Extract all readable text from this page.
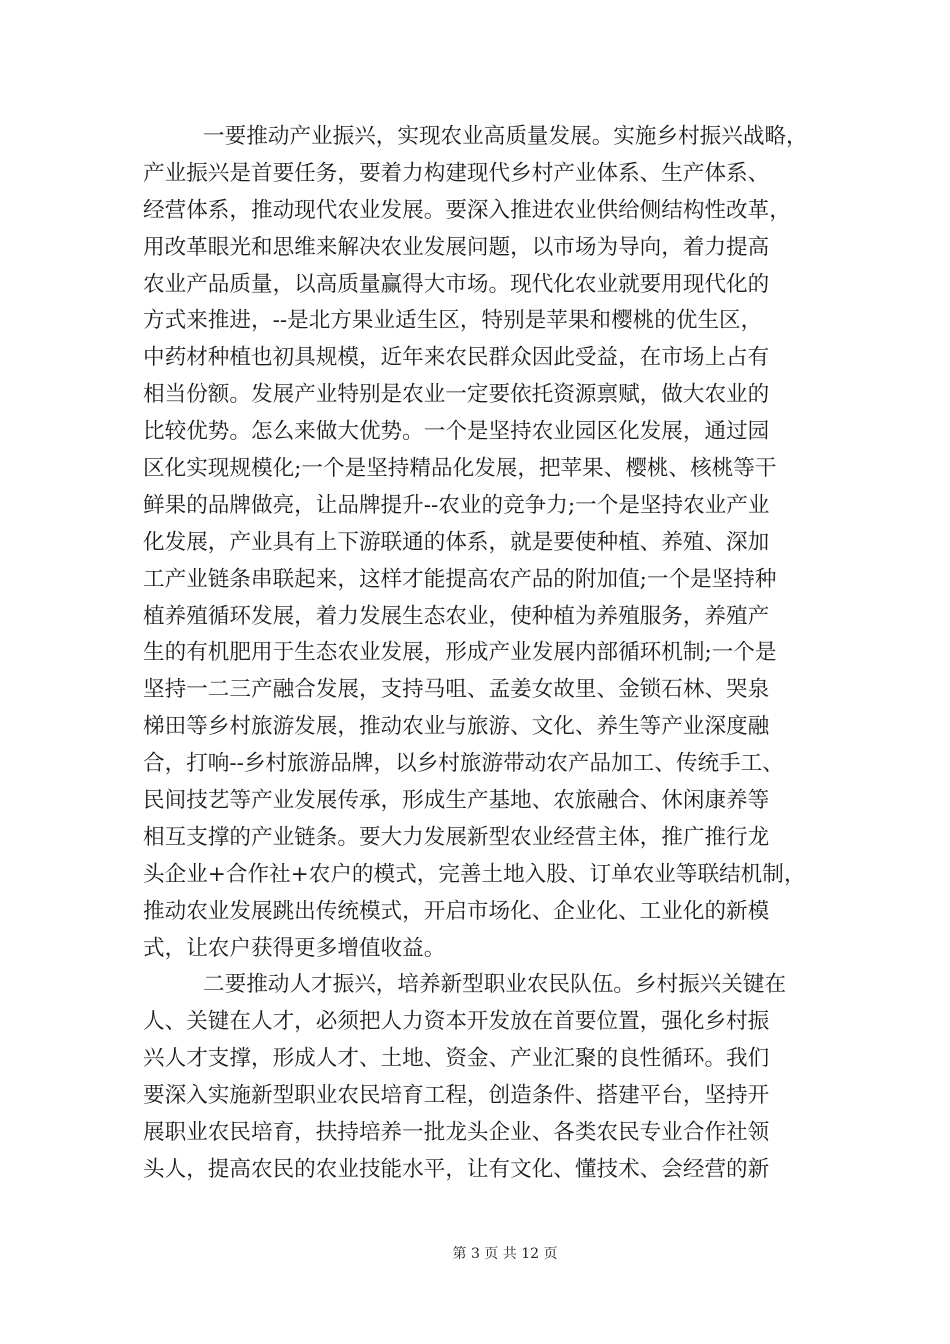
一要推动产业振兴，实现农业高质量发展。实施乡村振兴战略，
产业振兴是首要任务，要着力构建现代乡村产业体系、生产体系、
经营体系，推动现代农业发展。要深入推进农业供给侧结构性改革，
用改革眼光和思维来解决农业发展问题，以市场为导向，着力提高
农业产品质量，以高质量赢得大市场。现代化农业就要用现代化的
方式来推进，--是北方果业适生区，特别是苹果和樱桃的优生区，
中药材种植也初具规模，近年来农民群众因此受益，在市场上占有
相当份额。发展产业特别是农业一定要依托资源禀赋，做大农业的
比较优势。怎么来做大优势。一个是坚持农业园区化发展，通过园
区化实现规模化;一个是坚持精品化发展，把苹果、樱桃、核桃等干
鲜果的品牌做亮，让品牌提升--农业的竞争力;一个是坚持农业产业
化发展，产业具有上下游联通的体系，就是要使种植、养殖、深加
工产业链条串联起来，这样才能提高农产品的附加值;一个是坚持种
植养殖循环发展，着力发展生态农业，使种植为养殖服务，养殖产
生的有机肥用于生态农业发展，形成产业发展内部循环机制;一个是
坚持一二三产融合发展，支持马咀、孟姜女故里、金锁石林、哭泉
梯田等乡村旅游发展，推动农业与旅游、文化、养生等产业深度融
合，打响--乡村旅游品牌，以乡村旅游带动农产品加工、传统手工、
民间技艺等产业发展传承，形成生产基地、农旅融合、休闲康养等
相互支撑的产业链条。要大力发展新型农业经营主体，推广推行龙
头企业+合作社+农户的模式，完善土地入股、订单农业等联结机制，
推动农业发展跳出传统模式，开启市场化、企业化、工业化的新模
式，让农户获得更多增值收益。
二要推动人才振兴，培养新型职业农民队伍。乡村振兴关键在
人、关键在人才，必须把人力资本开发放在首要位置，强化乡村振
兴人才支撑，形成人才、土地、资金、产业汇聚的良性循环。我们
要深入实施新型职业农民培育工程，创造条件、搭建平台，坚持开
展职业农民培育，扶持培养一批龙头企业、各类农民专业合作社领
头人，提高农民的农业技能水平，让有文化、懂技术、会经营的新
第 3 页 共 12 页
